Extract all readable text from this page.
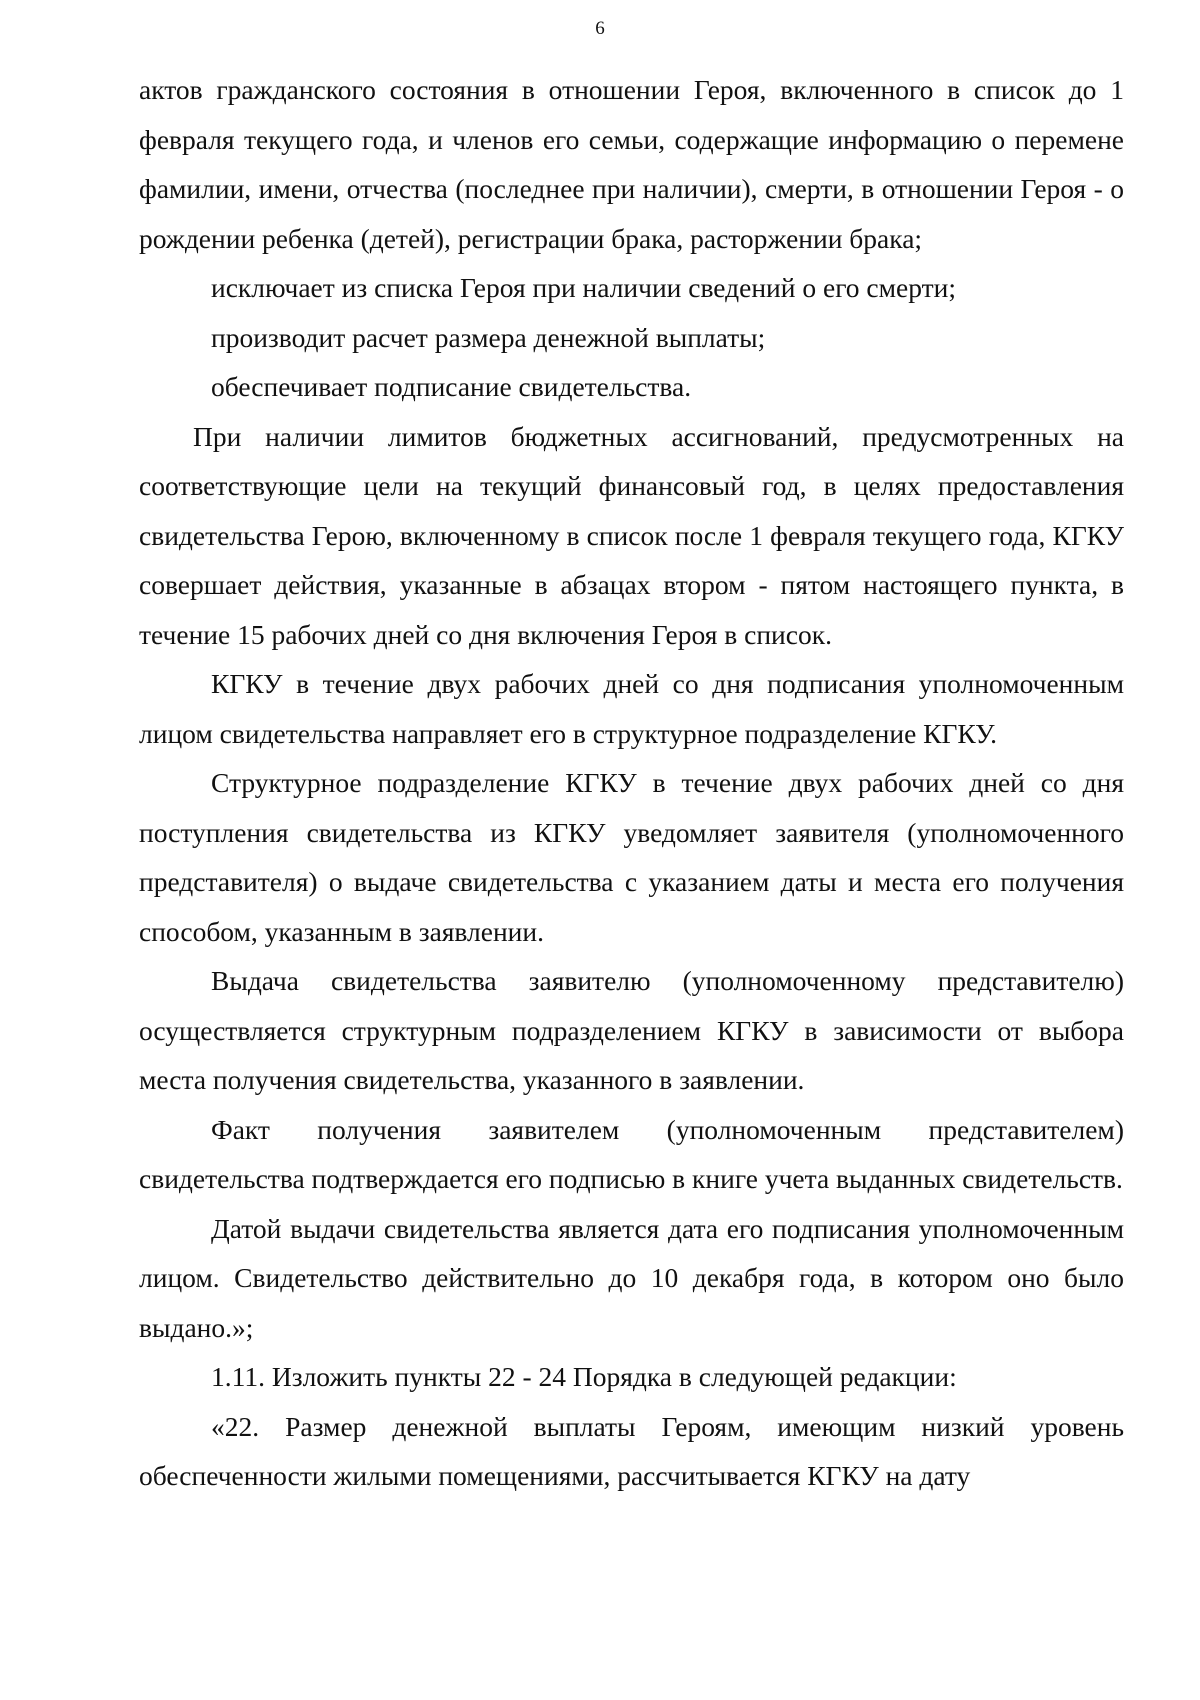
6

актов гражданского состояния в отношении Героя, включенного в список до 1 февраля текущего года, и членов его семьи, содержащие информацию о перемене фамилии, имени, отчества (последнее при наличии), смерти, в отношении Героя - о рождении ребенка (детей), регистрации брака, расторжении брака;

исключает из списка Героя при наличии сведений о его смерти;

производит расчет размера денежной выплаты;

обеспечивает подписание свидетельства.

При наличии лимитов бюджетных ассигнований, предусмотренных на соответствующие цели на текущий финансовый год, в целях предоставления свидетельства Герою, включенному в список после 1 февраля текущего года, КГКУ совершает действия, указанные в абзацах втором - пятом настоящего пункта, в течение 15 рабочих дней со дня включения Героя в список.

КГКУ в течение двух рабочих дней со дня подписания уполномоченным лицом свидетельства направляет его в структурное подразделение КГКУ.

Структурное подразделение КГКУ в течение двух рабочих дней со дня поступления свидетельства из КГКУ уведомляет заявителя (уполномоченного представителя) о выдаче свидетельства с указанием даты и места его получения способом, указанным в заявлении.

Выдача свидетельства заявителю (уполномоченному представителю) осуществляется структурным подразделением КГКУ в зависимости от выбора места получения свидетельства, указанного в заявлении.

Факт получения заявителем (уполномоченным представителем) свидетельства подтверждается его подписью в книге учета выданных свидетельств.

Датой выдачи свидетельства является дата его подписания уполномоченным лицом. Свидетельство действительно до 10 декабря года, в котором оно было выдано.»;

1.11. Изложить пункты 22 - 24 Порядка в следующей редакции:

«22. Размер денежной выплаты Героям, имеющим низкий уровень обеспеченности жилыми помещениями, рассчитывается КГКУ на дату
